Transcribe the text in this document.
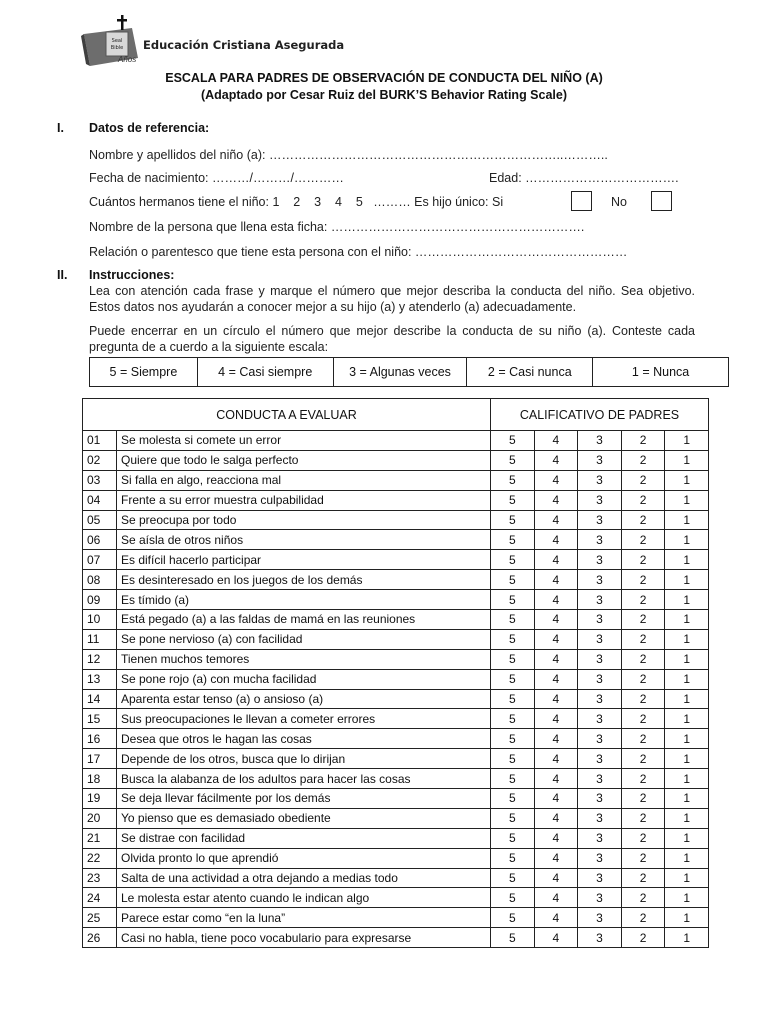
Seal
Bible
Años
Educación Cristiana Asegurada
ESCALA PARA PADRES DE OBSERVACIÓN DE CONDUCTA DEL NIÑO (A)
(Adaptado por Cesar Ruiz del BURK’S Behavior Rating Scale)
I. Datos de referencia:
Nombre y apellidos del niño (a): ……………………………………………………………..………..
Fecha de nacimiento: ………/………/…………	Edad: ……………………………….
Cuántos hermanos tiene el niño: 1    2    3    4    5   ……… Es hijo único: Si	No
Nombre de la persona que llena esta ficha: …………………………………………………….
Relación o parentesco que tiene esta persona con el niño: ……………………………………………
II. Instrucciones:
Lea con atención cada frase y marque el número que mejor describa la conducta del niño. Sea objetivo. Estos datos nos ayudarán a conocer mejor a su hijo (a) y atenderlo (a) adecuadamente.
Puede encerrar en un círculo el número que mejor describe la conducta de su niño (a). Conteste cada pregunta de a cuerdo a la siguiente escala:
5 = Siempre	4 = Casi siempre	3 = Algunas veces	2 = Casi nunca	1 = Nunca
CONDUCTA A EVALUAR		CALIFICATIVO DE PADRES				
01	Se molesta si comete un error	5	4	3	2	1
02	Quiere que todo le salga perfecto	5	4	3	2	1
03	Si falla en algo, reacciona mal	5	4	3	2	1
04	Frente a su error muestra culpabilidad	5	4	3	2	1
05	Se preocupa por todo	5	4	3	2	1
06	Se aísla de otros niños	5	4	3	2	1
07	Es difícil hacerlo participar	5	4	3	2	1
08	Es desinteresado en los juegos de los demás	5	4	3	2	1
09	Es tímido (a)	5	4	3	2	1
10	Está pegado (a) a las faldas de mamá en las reuniones	5	4	3	2	1
11	Se pone nervioso (a) con facilidad	5	4	3	2	1
12	Tienen muchos temores	5	4	3	2	1
13	Se pone rojo (a) con mucha facilidad	5	4	3	2	1
14	Aparenta estar tenso (a) o ansioso (a)	5	4	3	2	1
15	Sus preocupaciones le llevan a cometer errores	5	4	3	2	1
16	Desea que otros le hagan las cosas	5	4	3	2	1
17	Depende de los otros, busca que lo dirijan	5	4	3	2	1
18	Busca la alabanza de los adultos para hacer las cosas	5	4	3	2	1
19	Se deja llevar fácilmente por los demás	5	4	3	2	1
20	Yo pienso que es demasiado obediente	5	4	3	2	1
21	Se distrae con facilidad	5	4	3	2	1
22	Olvida pronto lo que aprendió	5	4	3	2	1
23	Salta de una actividad a otra dejando a medias todo	5	4	3	2	1
24	Le molesta estar atento cuando le indican algo	5	4	3	2	1
25	Parece estar como “en la luna”	5	4	3	2	1
26	Casi no habla, tiene poco vocabulario para expresarse	5	4	3	2	1
